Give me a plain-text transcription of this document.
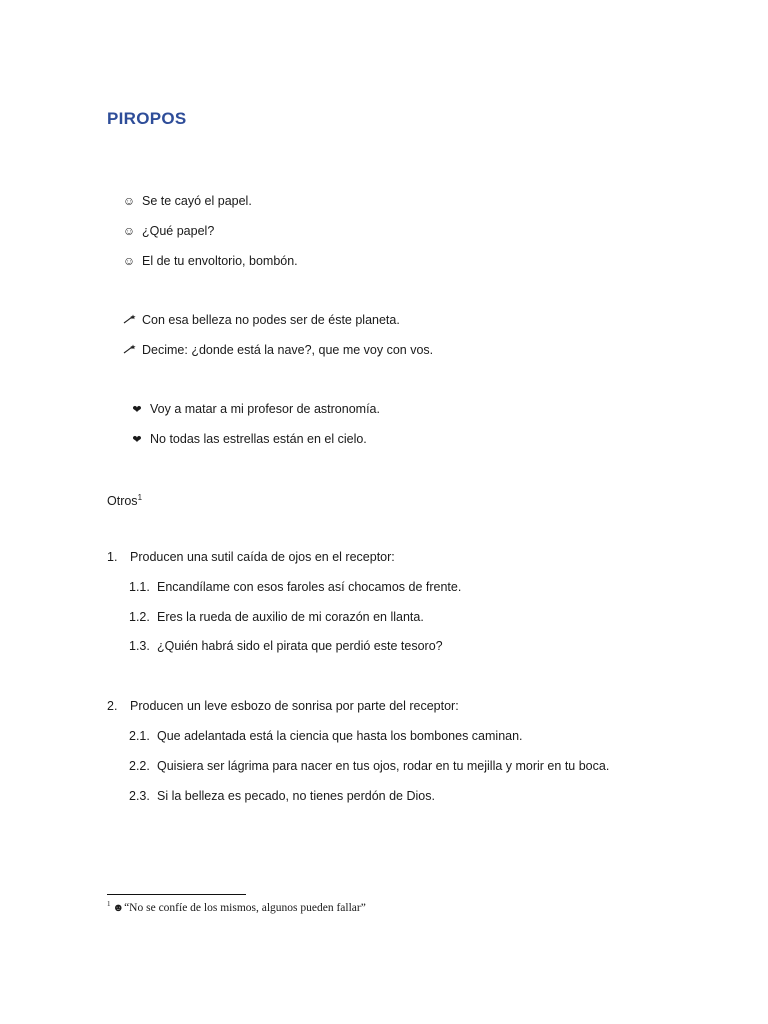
PIROPOS
☺ Se te cayó el papel.
☺ ¿Qué papel?
☺ El de tu envoltorio, bombón.
Con esa belleza no podes ser de éste planeta.
Decime: ¿donde está la nave?, que me voy con vos.
❤ Voy a matar a mi profesor de astronomía.
❤ No todas las estrellas están en el cielo.
Otros$^1$
1. Producen una sutil caída de ojos en el receptor:
1.1. Encandílame con esos faroles así chocamos de frente.
1.2. Eres la rueda de auxilio de mi corazón en llanta.
1.3. ¿Quién habrá sido el pirata que perdió este tesoro?
2. Producen un leve esbozo de sonrisa por parte del receptor:
2.1. Que adelantada está la ciencia que hasta los bombones caminan.
2.2. Quisiera ser lágrima para nacer en tus ojos, rodar en tu mejilla y morir en tu boca.
2.3. Si la belleza es pecado, no tienes perdón de Dios.
$^1$ ☻“No se confíe de los mismos, algunos pueden fallar”
